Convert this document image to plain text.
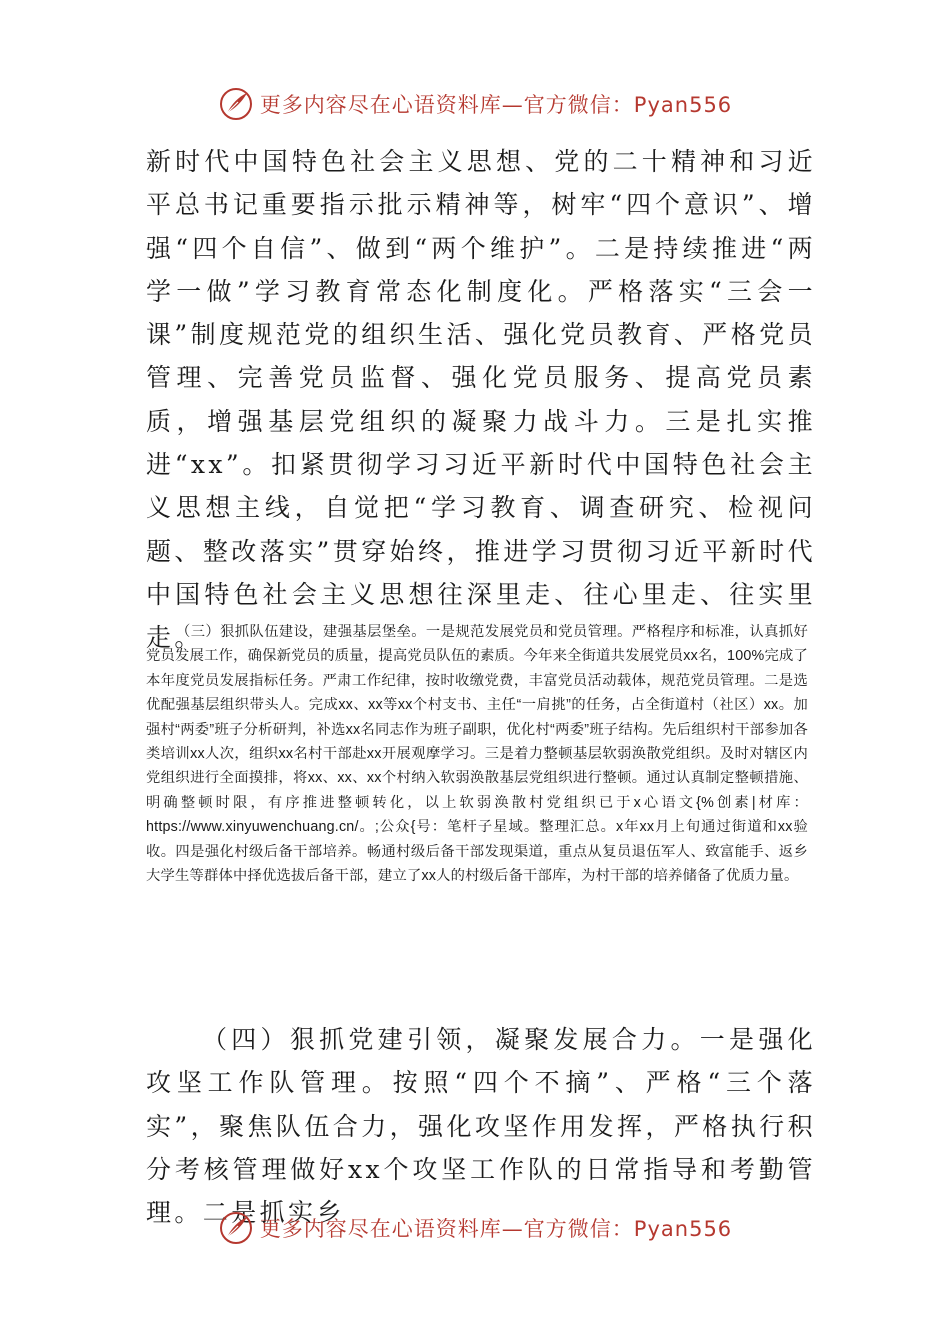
更多内容尽在心语资料库—官方微信：Pyan556

新时代中国特色社会主义思想、党的二十精神和习近平总书记重要指示批示精神等，树牢“四个意识”、增强“四个自信”、做到“两个维护”。二是持续推进“两学一做”学习教育常态化制度化。严格落实“三会一课”制度规范党的组织生活、强化党员教育、严格党员管理、完善党员监督、强化党员服务、提高党员素质，增强基层党组织的凝聚力战斗力。三是扎实推进“xx”。扣紧贯彻学习习近平新时代中国特色社会主义思想主线，自觉把“学习教育、调查研究、检视问题、整改落实”贯穿始终，推进学习贯彻习近平新时代中国特色社会主义思想往深里走、往心里走、往实里走。

（三）狠抓队伍建设，建强基层堡垒。一是规范发展党员和党员管理。严格程序和标准，认真抓好党员发展工作，确保新党员的质量，提高党员队伍的素质。今年来全街道共发展党员xx名，100%完成了本年度党员发展指标任务。严肃工作纪律，按时收缴党费，丰富党员活动载体，规范党员管理。二是选优配强基层组织带头人。完成xx、xx等xx个村支书、主任“一肩挑”的任务，占全街道村（社区）xx。加强村“两委”班子分析研判，补选xx名同志作为班子副职，优化村“两委”班子结构。先后组织村干部参加各类培训xx人次，组织xx名村干部赴xx开展观摩学习。三是着力整顿基层软弱涣散党组织。及时对辖区内党组织进行全面摸排，将xx、xx、xx个村纳入软弱涣散基层党组织进行整顿。通过认真制定整顿措施、明确整顿时限，有序推进整顿转化，以上软弱涣散村党组织已于x心语文{%创素|材库：https://www.xinyuwenchuang.cn/。;公众{号：笔杆子星域。整理汇总。x年xx月上旬通过街道和xx验收。四是强化村级后备干部培养。畅通村级后备干部发现渠道，重点从复员退伍军人、致富能手、返乡大学生等群体中择优选拔后备干部，建立了xx人的村级后备干部库，为村干部的培养储备了优质力量。

（四）狠抓党建引领，凝聚发展合力。一是强化攻坚工作队管理。按照“四个不摘”、严格“三个落实”，聚焦队伍合力，强化攻坚作用发挥，严格执行积分考核管理做好xx个攻坚工作队的日常指导和考勤管理。二是抓实乡

更多内容尽在心语资料库—官方微信：Pyan556
